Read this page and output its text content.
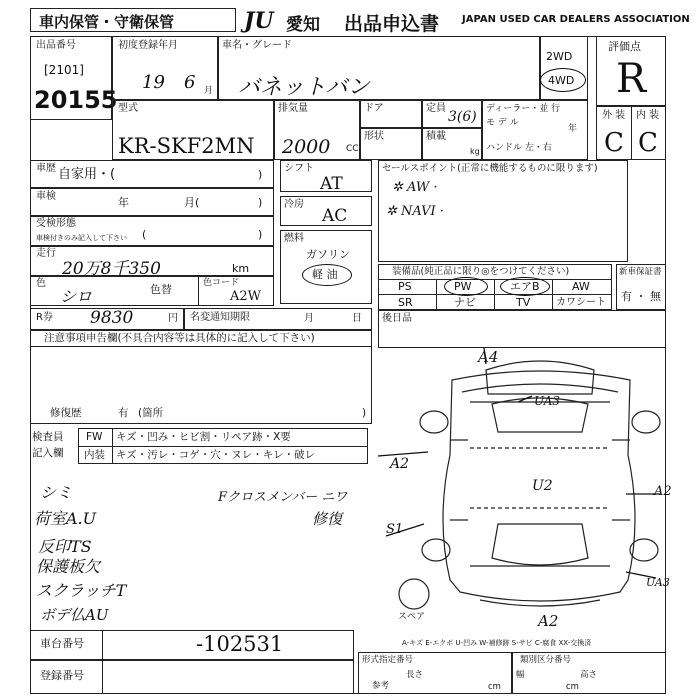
車内保管・守衛保管	JU 愛知 出品申込書 JAPAN USED CAR DEALERS ASSOCIATION
出品番号
[2101]
20155
初度登録年月
19 6 月
車名・グレード
バネットバン
2WD
4WD
評価点
R
型式
KR-SKF2MN
排気量
2000 CC
ドア
形状
定員
3(6)
積載
kg
ディーラー・並 行
モ デ ル
年
ハンドル 左・右
外 装 内 装
C C
車歴 自家用・(	)
車検	年	月(	)
受検形態
車検付きのみ記入して下さい (	)
走行
20万8千350	km
色
シロ	色替	色コード
A2W
シフト
AT
冷房
AC
燃料
ガソリン
軽 油
セールスポイント(正常に機能するものに限ります)
✲ AW ·
✲ NAVI ·
装備品(純正品に限り◎をつけてください)
PS	PW	エアB	AW
SR	ナビ	TV	カワシート
新車保証書
有 ・ 無
R券 9830	円 名変通知期限	月	日 後日品
注意事項申告欄(不具合内容等は具体的に記入して下さい)
修復歴	有 (箇所	)
検査員
記入欄
FW キズ・凹み・ヒビ割・リペア跡・X要
内装 キズ・汚レ・コゲ・穴・ヌレ・キレ・破レ
シミ
荷室A.U
反印TS
保護板欠
スクラッチT
ボデ仏AU
Fクロスメンバー ニワ
修復
A4
UA3
A2
U2	A2
S1
UA3
A2
スペア
A-キズ E-エクボ U-凹み W-補修跡 S-サビ C-腐食 XX-交換済
車台番号	-102531
登録番号
形式指定番号
参考
長さ
cm
類別区分番号
幅	高さ
cm
